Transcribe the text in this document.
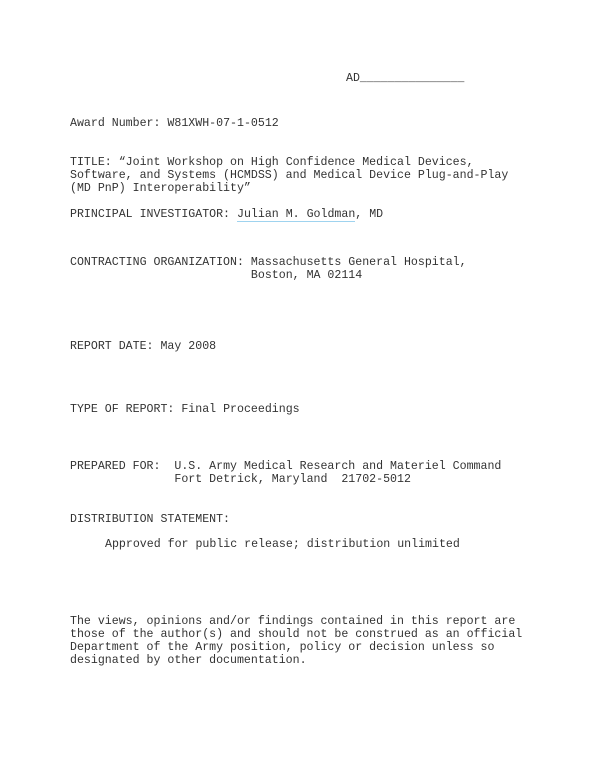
AD_______________
Award Number: W81XWH-07-1-0512
TITLE: “Joint Workshop on High Confidence Medical Devices,
Software, and Systems (HCMDSS) and Medical Device Plug-and-Play
(MD PnP) Interoperability”
PRINCIPAL INVESTIGATOR: Julian M. Goldman, MD
CONTRACTING ORGANIZATION: Massachusetts General Hospital,
Boston, MA 02114
REPORT DATE: May 2008
TYPE OF REPORT: Final Proceedings
PREPARED FOR: U.S. Army Medical Research and Materiel Command
Fort Detrick, Maryland  21702-5012
DISTRIBUTION STATEMENT:
Approved for public release; distribution unlimited
The views, opinions and/or findings contained in this report are
those of the author(s) and should not be construed as an official
Department of the Army position, policy or decision unless so
designated by other documentation.
